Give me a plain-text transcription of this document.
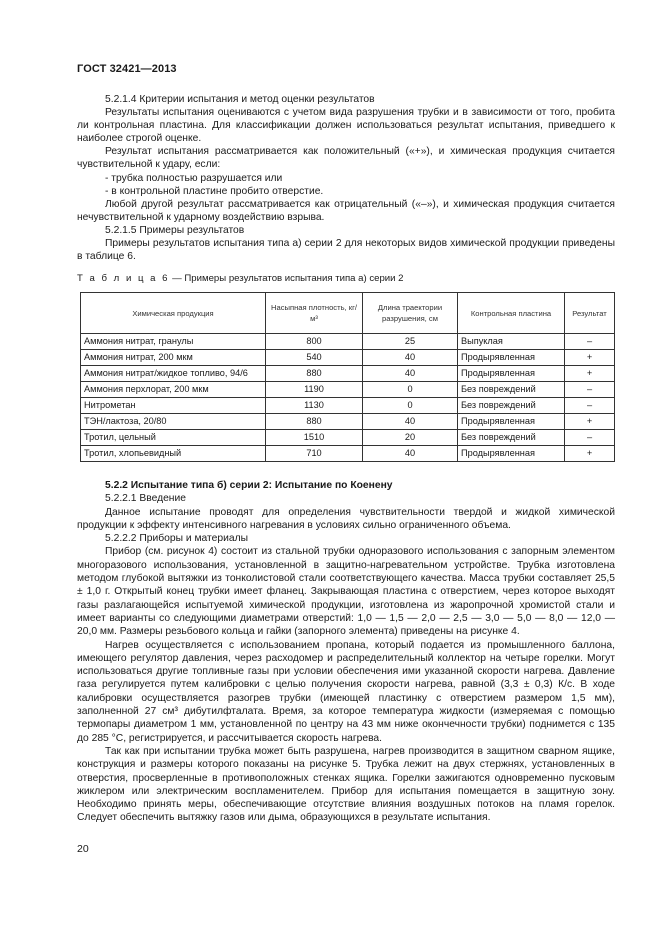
ГОСТ 32421—2013

5.2.1.4 Критерии испытания и метод оценки результатов

Результаты испытания оцениваются с учетом вида разрушения трубки и в зависимости от того, пробита ли контрольная пластина. Для классификации должен использоваться результат испытания, приведшего к наиболее строгой оценке.

Результат испытания рассматривается как положительный («+»), и химическая продукция считается чувствительной к удару, если:

- трубка полностью разрушается или

- в контрольной пластине пробито отверстие.

Любой другой результат рассматривается как отрицательный («–»), и химическая продукция считается нечувствительной к ударному воздействию взрыва.

5.2.1.5 Примеры результатов

Примеры результатов испытания типа а) серии 2 для некоторых видов химической продукции приведены в таблице 6.

Т а б л и ц а 6 — Примеры результатов испытания типа а) серии 2
Химическая продукция	Насыпная плотность, кг/м³	Длина траектории разрушения, см	Контрольная пластина	Результат
Аммония нитрат, гранулы	800	25	Выпуклая	–
Аммония нитрат, 200 мкм	540	40	Продырявленная	+
Аммония нитрат/жидкое топливо, 94/6	880	40	Продырявленная	+
Аммония перхлорат, 200 мкм	1190	0	Без повреждений	–
Нитрометан	1130	0	Без повреждений	–
ТЭН/лактоза, 20/80	880	40	Продырявленная	+
Тротил, цельный	1510	20	Без повреждений	–
Тротил, хлопьевидный	710	40	Продырявленная	+

5.2.2 Испытание типа б) серии 2: Испытание по Коенену

5.2.2.1 Введение

Данное испытание проводят для определения чувствительности твердой и жидкой химической продукции к эффекту интенсивного нагревания в условиях сильно ограниченного объема.

5.2.2.2 Приборы и материалы

Прибор (см. рисунок 4) состоит из стальной трубки одноразового использования с запорным элементом многоразового использования, установленной в защитно-нагревательном устройстве. Трубка изготовлена методом глубокой вытяжки из тонколистовой стали соответствующего качества. Масса трубки составляет 25,5 ± 1,0 г. Открытый конец трубки имеет фланец. Закрывающая пластина с отверстием, через которое выходят газы разлагающейся испытуемой химической продукции, изготовлена из жаропрочной хромистой стали и имеет варианты со следующими диаметрами отверстий: 1,0 — 1,5 — 2,0 — 2,5 — 3,0 — 5,0 — 8,0 — 12,0 — 20,0 мм. Размеры резьбового кольца и гайки (запорного элемента) приведены на рисунке 4.

Нагрев осуществляется с использованием пропана, который подается из промышленного баллона, имеющего регулятор давления, через расходомер и распределительный коллектор на четыре горелки. Могут использоваться другие топливные газы при условии обеспечения ими указанной скорости нагрева. Давление газа регулируется путем калибровки с целью получения скорости нагрева, равной (3,3 ± 0,3) К/с. В ходе калибровки осуществляется разогрев трубки (имеющей пластинку с отверстием размером 1,5 мм), заполненной 27 см³ дибутилфталата. Время, за которое температура жидкости (измеряемая с помощью термопары диаметром 1 мм, установленной по центру на 43 мм ниже окончечности трубки) поднимется с 135 до 285 °С, регистрируется, и рассчитывается скорость нагрева.

Так как при испытании трубка может быть разрушена, нагрев производится в защитном сварном ящике, конструкция и размеры которого показаны на рисунке 5. Трубка лежит на двух стержнях, установленных в отверстия, просверленные в противоположных стенках ящика. Горелки зажигаются одновременно пусковым жиклером или электрическим воспламенителем. Прибор для испытания помещается в защитную зону. Необходимо принять меры, обеспечивающие отсутствие влияния воздушных потоков на пламя горелок. Следует обеспечить вытяжку газов или дыма, образующихся в результате испытания.

20
